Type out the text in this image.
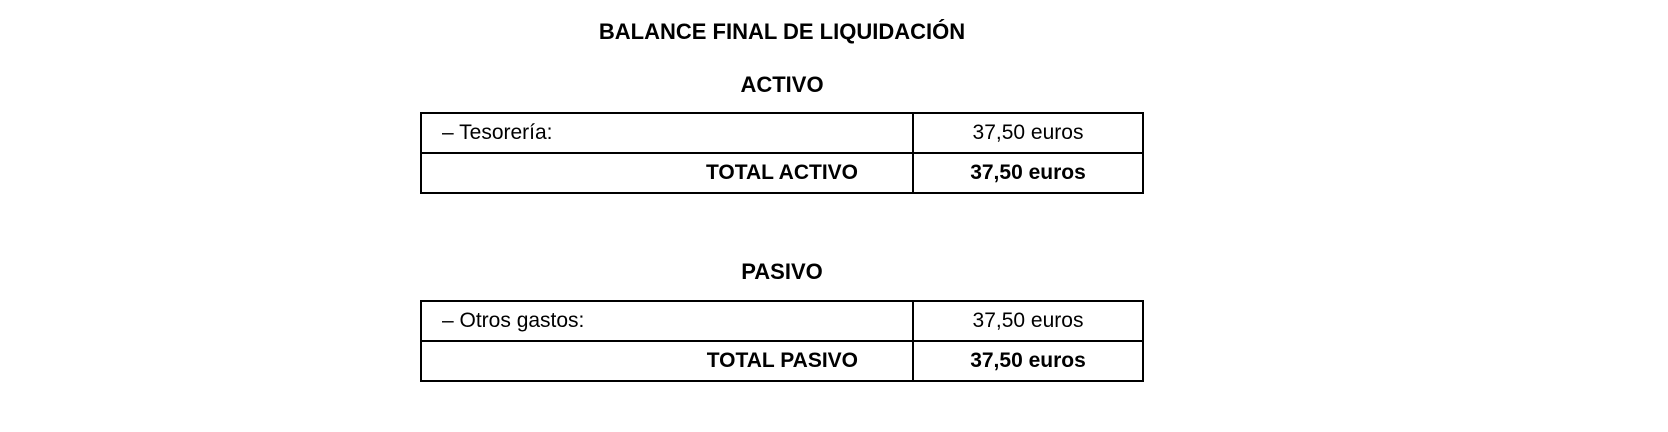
BALANCE FINAL DE LIQUIDACIÓN
ACTIVO
– Tesorería:	37,50 euros
TOTAL ACTIVO	37,50 euros
PASIVO
– Otros gastos:	37,50 euros
TOTAL PASIVO	37,50 euros
